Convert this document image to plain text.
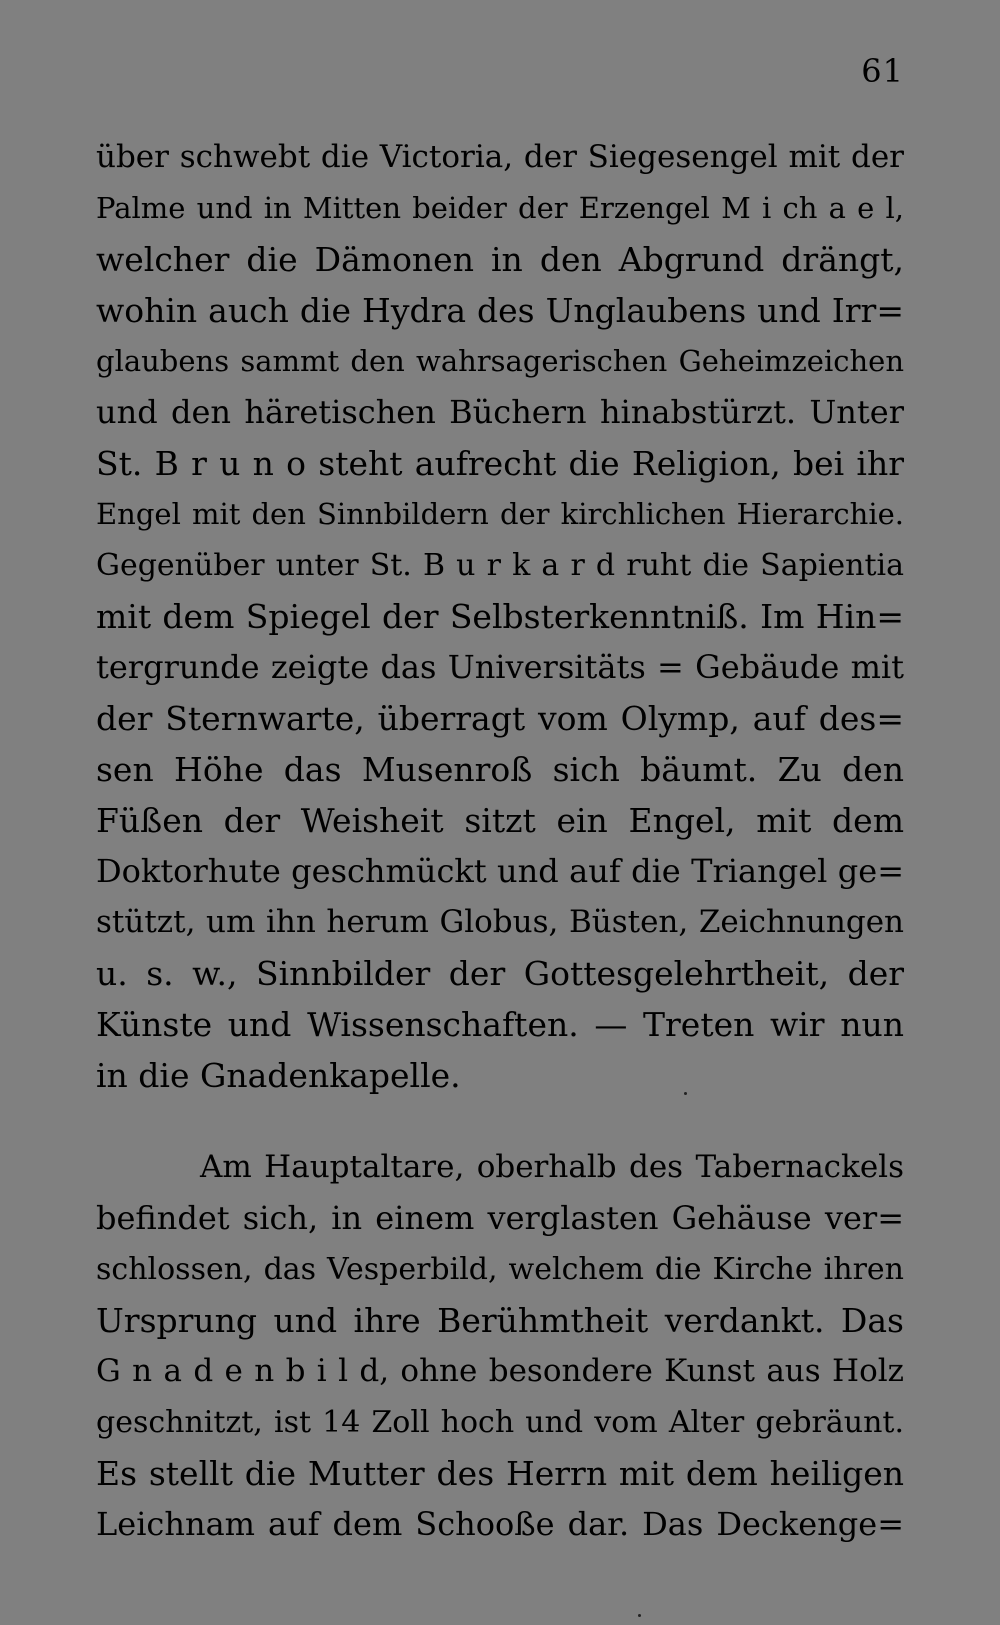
61
über schwebt die Victoria, der Siegesengel mit der
Palme und in Mitten beider der Erzengel M i ch a e l,
welcher die Dämonen in den Abgrund drängt,
wohin auch die Hydra des Unglaubens und Irr=
glaubens sammt den wahrsagerischen Geheimzeichen
und den häretischen Büchern hinabstürzt. Unter
St. B r u n o steht aufrecht die Religion, bei ihr
Engel mit den Sinnbildern der kirchlichen Hierarchie.
Gegenüber unter St. B u r k a r d ruht die Sapientia
mit dem Spiegel der Selbsterkenntniß. Im Hin=
tergrunde zeigte das Universitäts = Gebäude mit
der Sternwarte, überragt vom Olymp, auf des=
sen Höhe das Musenroß sich bäumt. Zu den
Füßen der Weisheit sitzt ein Engel, mit dem
Doktorhute geschmückt und auf die Triangel ge=
stützt, um ihn herum Globus, Büsten, Zeichnungen
u. s. w., Sinnbilder der Gottesgelehrtheit, der
Künste und Wissenschaften. — Treten wir nun
in die Gnadenkapelle.
Am Hauptaltare, oberhalb des Tabernackels
befindet sich, in einem verglasten Gehäuse ver=
schlossen, das Vesperbild, welchem die Kirche ihren
Ursprung und ihre Berühmtheit verdankt. Das
G n a d e n b i l d, ohne besondere Kunst aus Holz
geschnitzt, ist 14 Zoll hoch und vom Alter gebräunt.
Es stellt die Mutter des Herrn mit dem heiligen
Leichnam auf dem Schooße dar. Das Deckenge=
